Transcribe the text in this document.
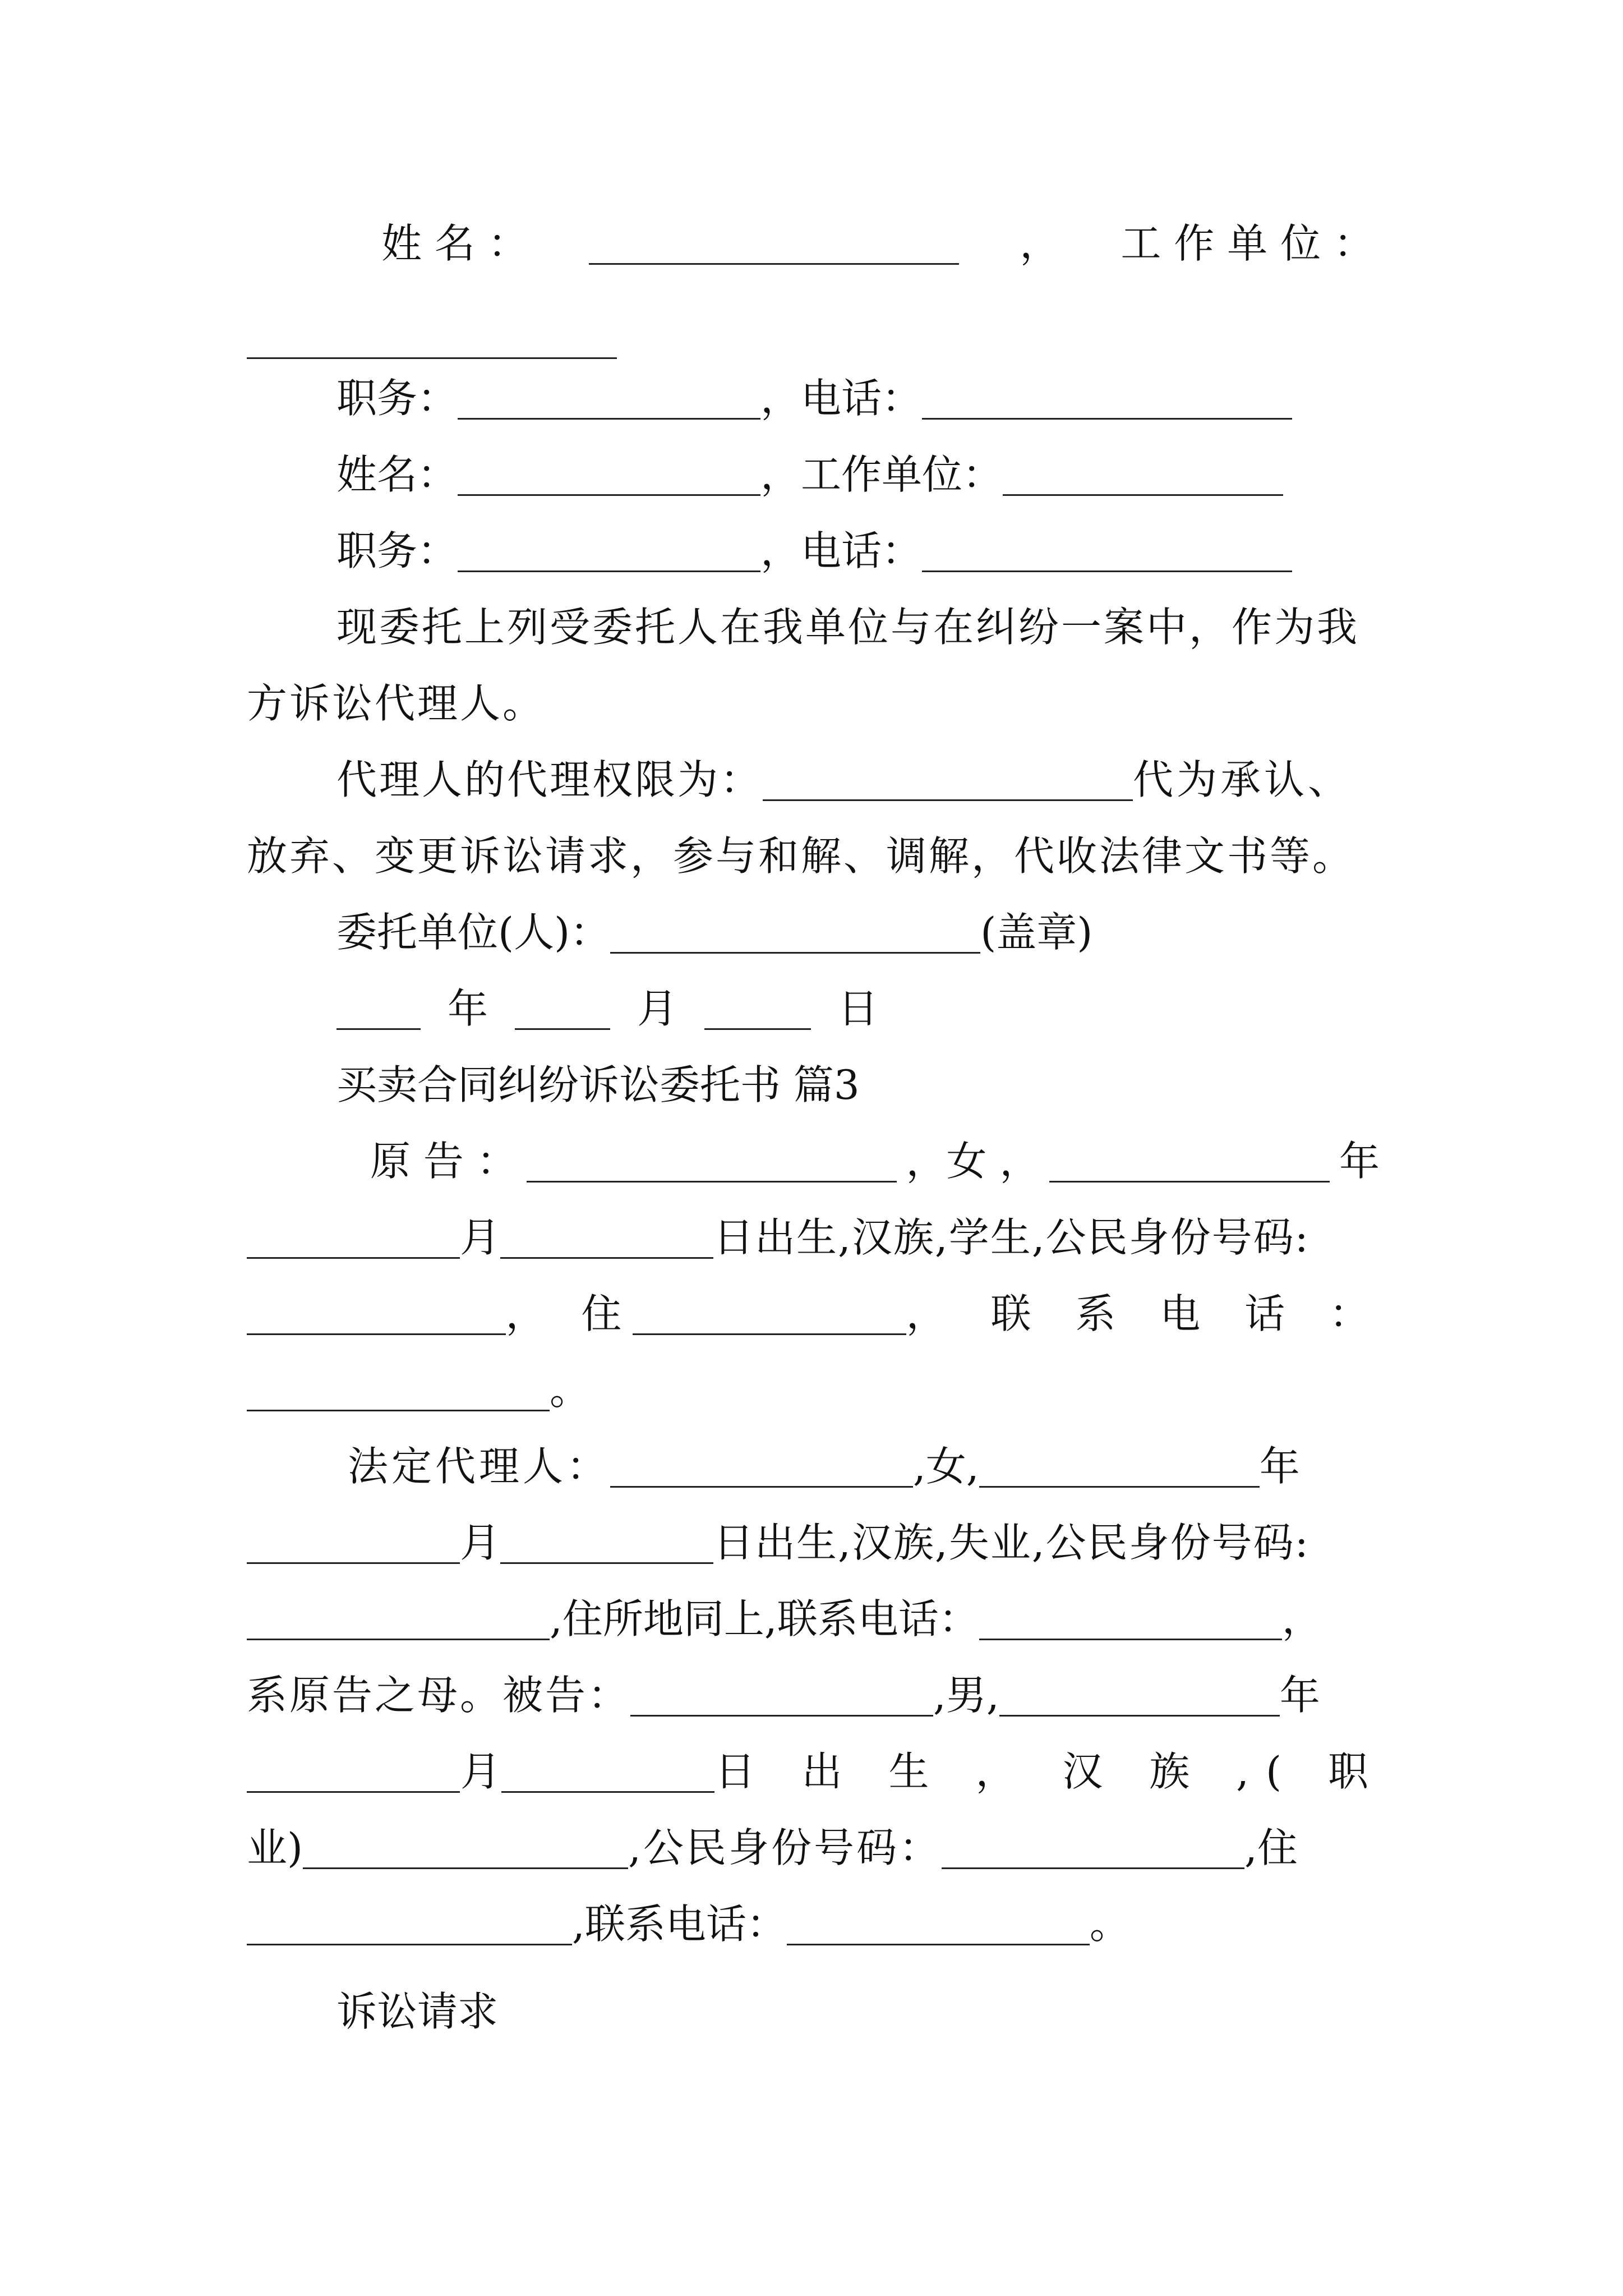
姓 名 ：	， 工 作 单 位 ：
职务：	， 电话：
姓名：	， 工作单位：
职务：	， 电话：
现委托上列受委托人在我单位与在纠纷一案中，作为我
方诉讼代理人。
代理人的代理权限为：	代为承认、
放弃、变更诉讼请求，参与和解、调解，代收法律文书等。
委托单位(人)：	(盖章)
年	月	日
买卖合同纠纷诉讼委托书 篇3
原 告 ：	，女 ，	年
月	日出生,汉族,学生,公民身份号码:
， 住	， 联 系 电 话 ：
。
法定代理人：	,女,	年
月	日出生,汉族,失业,公民身份号码:
,住所地同上,联系电话：	，
系原告之母。被告：	,男,	年
月	日 出 生 ， 汉 族 ,( 职
业)	,公民身份号码：	,住
,联系电话：	。
诉讼请求
